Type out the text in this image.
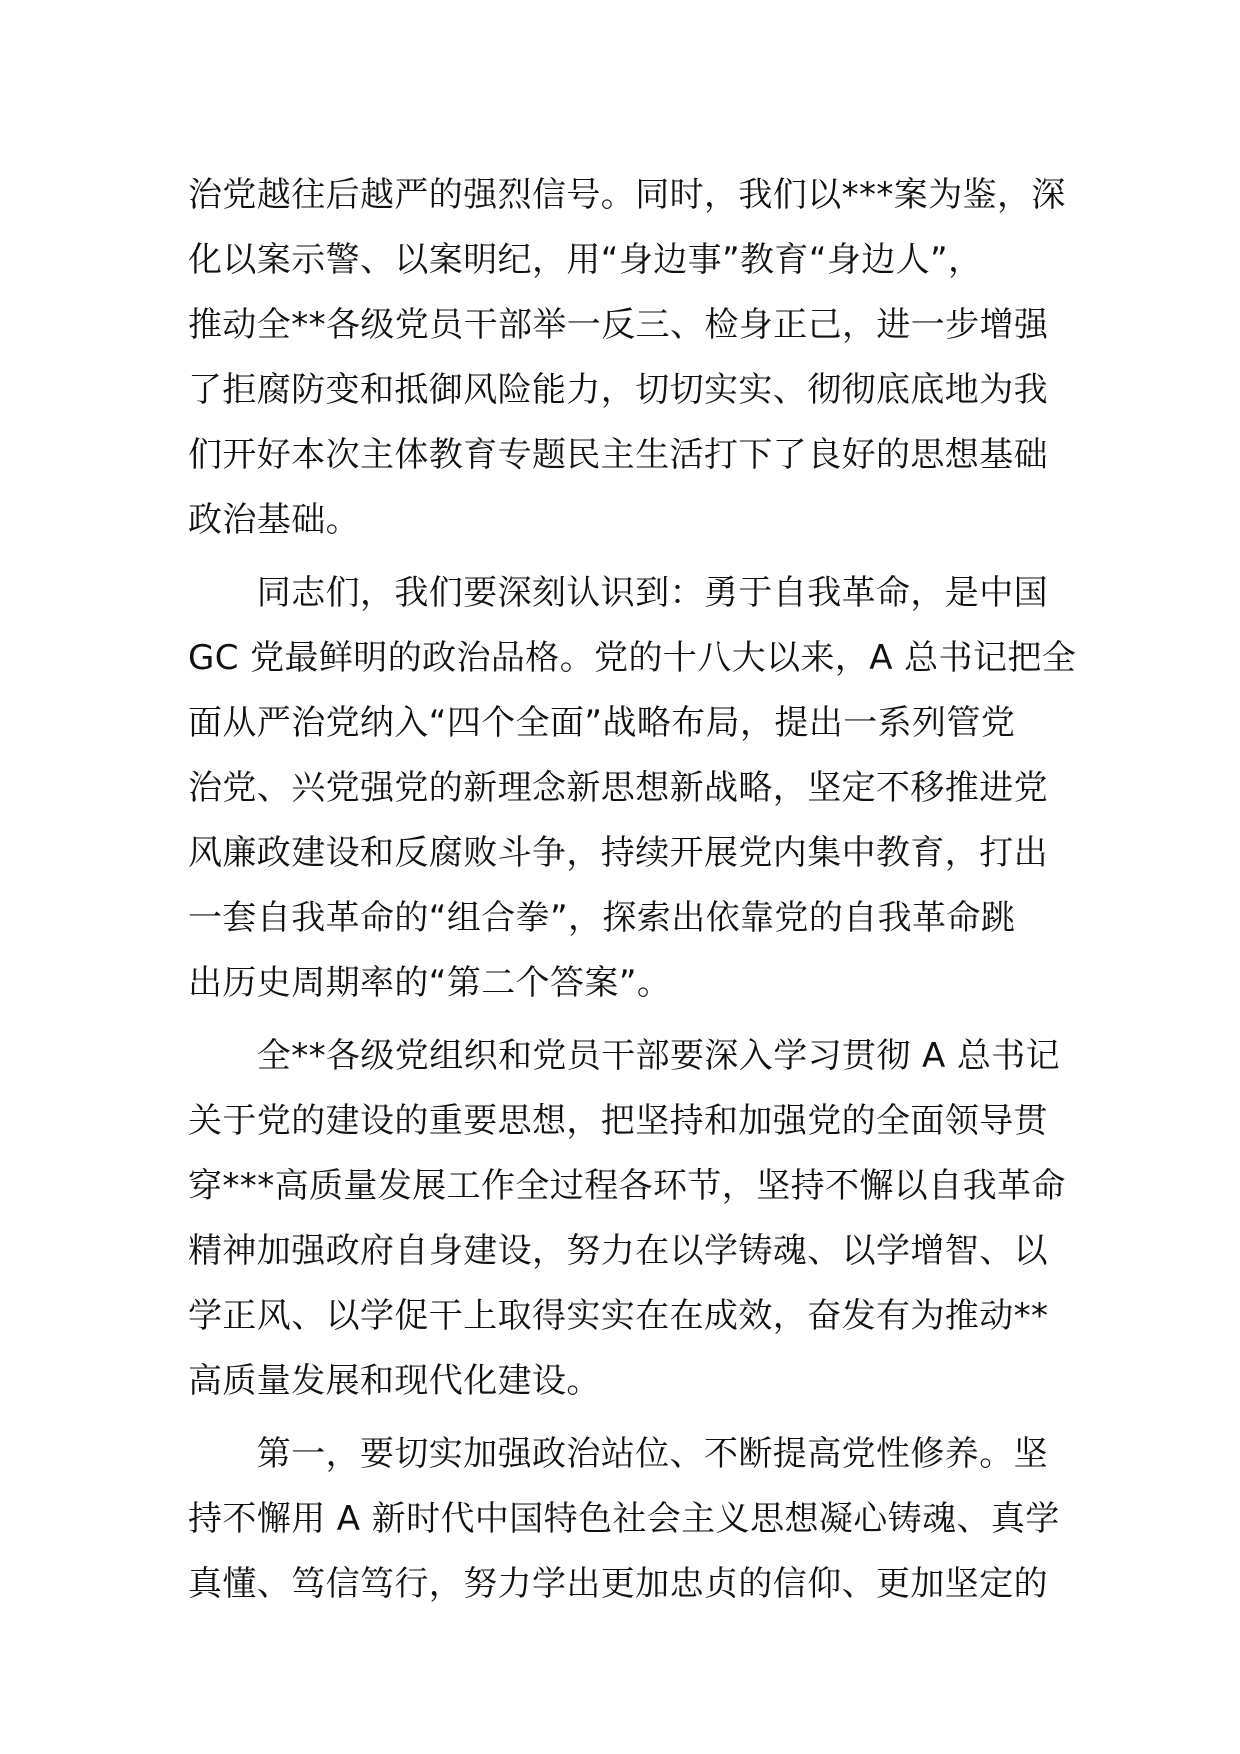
治党越往后越严的强烈信号。同时，我们以***案为鉴，深
化以案示警、以案明纪，用“身边事”教育“身边人”，
推动全**各级党员干部举一反三、检身正己，进一步增强
了拒腐防变和抵御风险能力，切切实实、彻彻底底地为我
们开好本次主体教育专题民主生活打下了良好的思想基础
政治基础。
　　同志们，我们要深刻认识到：勇于自我革命，是中国
GC 党最鲜明的政治品格。党的十八大以来，A 总书记把全
面从严治党纳入“四个全面”战略布局，提出一系列管党
治党、兴党强党的新理念新思想新战略，坚定不移推进党
风廉政建设和反腐败斗争，持续开展党内集中教育，打出
一套自我革命的“组合拳”，探索出依靠党的自我革命跳
出历史周期率的“第二个答案”。
　　全**各级党组织和党员干部要深入学习贯彻 A 总书记
关于党的建设的重要思想，把坚持和加强党的全面领导贯
穿***高质量发展工作全过程各环节，坚持不懈以自我革命
精神加强政府自身建设，努力在以学铸魂、以学增智、以
学正风、以学促干上取得实实在在成效，奋发有为推动**
高质量发展和现代化建设。
　　第一，要切实加强政治站位、不断提高党性修养。坚
持不懈用 A 新时代中国特色社会主义思想凝心铸魂、真学
真懂、笃信笃行，努力学出更加忠贞的信仰、更加坚定的
